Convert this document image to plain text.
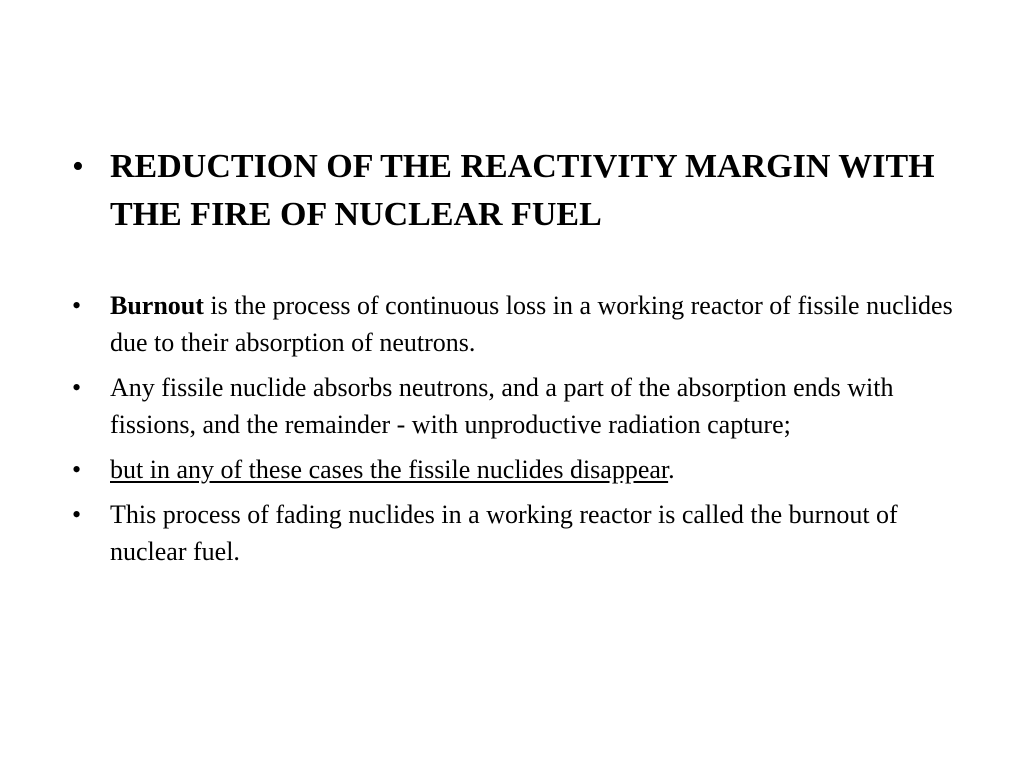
• REDUCTION OF THE REACTIVITY MARGIN WITH THE FIRE OF NUCLEAR FUEL
•	Burnout is the process of continuous loss in a working reactor of fissile nuclides due to their absorption of neutrons.
•	Any fissile nuclide absorbs neutrons, and a part of the absorption ends with fissions, and the remainder - with unproductive radiation capture;
•	but in any of these cases the fissile nuclides disappear.
•	This process of fading nuclides in a working reactor is called the burnout of nuclear fuel.
